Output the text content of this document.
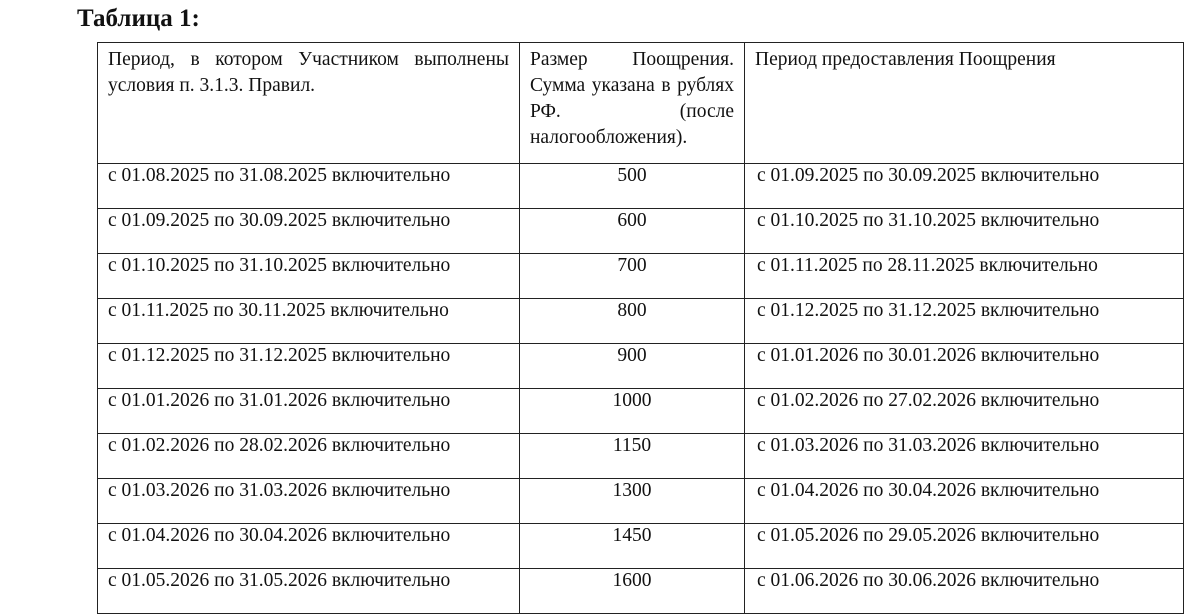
Таблица 1:
Период, в котором Участником выполнены условия п. 3.1.3. Правил.	Размер Поощрения. Сумма указана в рублях РФ. (после налогообложения).	Период предоставления Поощрения

с 01.08.2025 по 31.08.2025 включительно	500	с 01.09.2025 по 30.09.2025 включительно
с 01.09.2025 по 30.09.2025 включительно	600	с 01.10.2025 по 31.10.2025 включительно
с 01.10.2025 по 31.10.2025 включительно	700	с 01.11.2025 по 28.11.2025 включительно
с 01.11.2025 по 30.11.2025 включительно	800	с 01.12.2025 по 31.12.2025 включительно
с 01.12.2025 по 31.12.2025 включительно	900	с 01.01.2026 по 30.01.2026 включительно
с 01.01.2026 по 31.01.2026 включительно	1000	с 01.02.2026 по 27.02.2026 включительно
с 01.02.2026 по 28.02.2026 включительно	1150	с 01.03.2026 по 31.03.2026 включительно
с 01.03.2026 по 31.03.2026 включительно	1300	с 01.04.2026 по 30.04.2026 включительно
с 01.04.2026 по 30.04.2026 включительно	1450	с 01.05.2026 по 29.05.2026 включительно
с 01.05.2026 по 31.05.2026 включительно	1600	с 01.06.2026 по 30.06.2026 включительно
